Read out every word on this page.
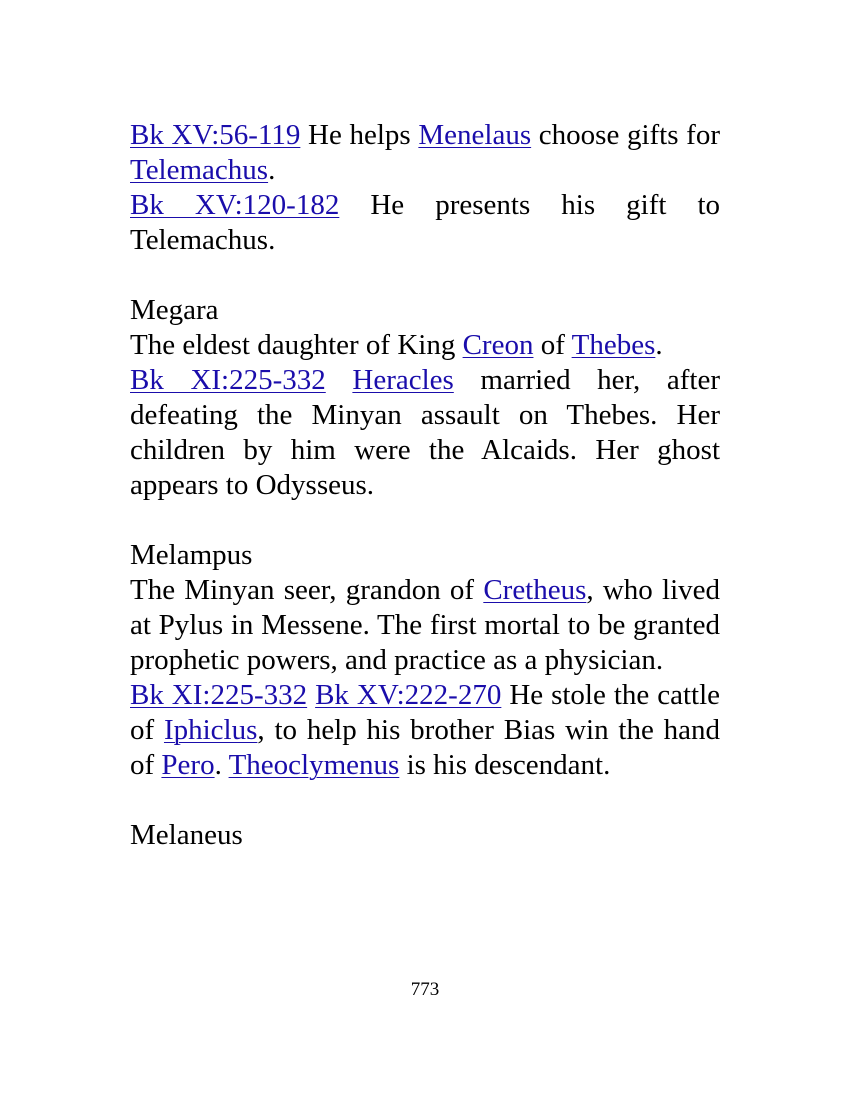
Bk XV:56-119 He helps Menelaus choose gifts for Telemachus.

Bk XV:120-182 He presents his gift to Telemachus.

Megara

The eldest daughter of King Creon of Thebes.

Bk XI:225-332 Heracles married her, after defeating the Minyan assault on Thebes. Her children by him were the Alcaids. Her ghost appears to Odysseus.

Melampus

The Minyan seer, grandon of Cretheus, who lived at Pylus in Messene. The first mortal to be granted prophetic powers, and practice as a physician.

Bk XI:225-332 Bk XV:222-270 He stole the cattle of Iphiclus, to help his brother Bias win the hand of Pero. Theoclymenus is his descendant.

Melaneus

773
